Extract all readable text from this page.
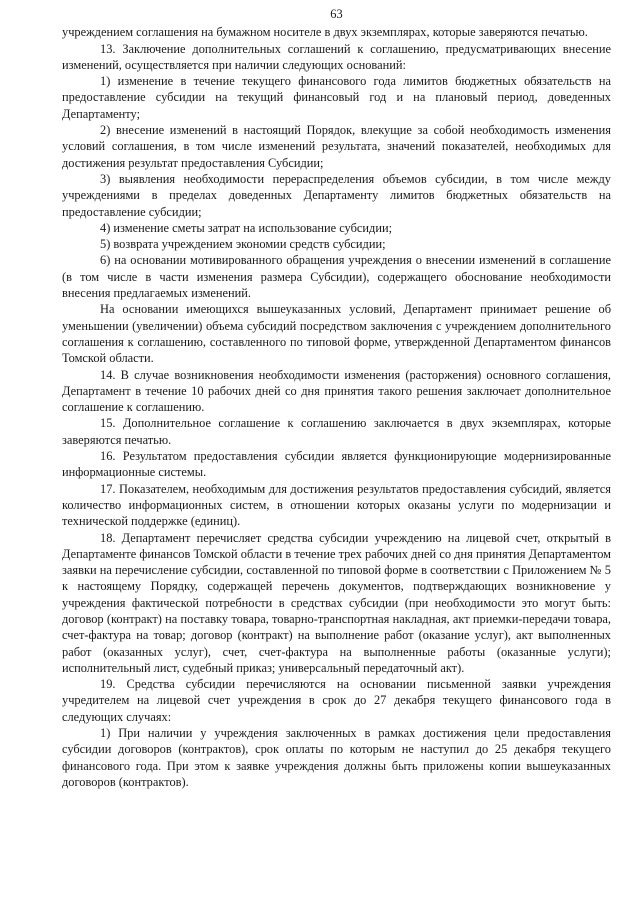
63

учреждением соглашения на бумажном носителе в двух экземплярах, которые заверяются печатью.

13. Заключение дополнительных соглашений к соглашению, предусматривающих внесение изменений, осуществляется при наличии следующих оснований:

1) изменение в течение текущего финансового года лимитов бюджетных обязательств на предоставление субсидии на текущий финансовый год и на плановый период, доведенных Департаменту;

2) внесение изменений в настоящий Порядок, влекущие за собой необходимость изменения условий соглашения, в том числе изменений результата, значений показателей, необходимых для достижения результат предоставления Субсидии;

3) выявления необходимости перераспределения объемов субсидии, в том числе между учреждениями в пределах доведенных Департаменту лимитов бюджетных обязательств на предоставление субсидии;

4) изменение сметы затрат на использование субсидии;

5) возврата учреждением экономии средств субсидии;

6) на основании мотивированного обращения учреждения о внесении изменений в соглашение (в том числе в части изменения размера Субсидии), содержащего обоснование необходимости внесения предлагаемых изменений.

На основании имеющихся вышеуказанных условий, Департамент принимает решение об уменьшении (увеличении) объема субсидий посредством заключения с учреждением дополнительного соглашения к соглашению, составленного по типовой форме, утвержденной Департаментом финансов Томской области.

14. В случае возникновения необходимости изменения (расторжения) основного соглашения, Департамент в течение 10 рабочих дней со дня принятия такого решения заключает дополнительное соглашение к соглашению.

15. Дополнительное соглашение к соглашению заключается в двух экземплярах, которые заверяются печатью.

16. Результатом предоставления субсидии является функционирующие модернизированные информационные системы.

17. Показателем, необходимым для достижения результатов предоставления субсидий, является количество информационных систем, в отношении которых оказаны услуги по модернизации и технической поддержке (единиц).

18. Департамент перечисляет средства субсидии учреждению на лицевой счет, открытый в Департаменте финансов Томской области в течение трех рабочих дней со дня принятия Департаментом заявки на перечисление субсидии, составленной по типовой форме в соответствии с Приложением № 5 к настоящему Порядку, содержащей перечень документов, подтверждающих возникновение у учреждения фактической потребности в средствах субсидии (при необходимости это могут быть: договор (контракт) на поставку товара, товарно-транспортная накладная, акт приемки-передачи товара, счет-фактура на товар; договор (контракт) на выполнение работ (оказание услуг), акт выполненных работ (оказанных услуг), счет, счет-фактура на выполненные работы (оказанные услуги); исполнительный лист, судебный приказ; универсальный передаточный акт).

19. Средства субсидии перечисляются на основании письменной заявки учреждения учредителем на лицевой счет учреждения в срок до 27 декабря текущего финансового года в следующих случаях:

1) При наличии у учреждения заключенных в рамках достижения цели предоставления субсидии договоров (контрактов), срок оплаты по которым не наступил до 25 декабря текущего финансового года. При этом к заявке учреждения должны быть приложены копии вышеуказанных договоров (контрактов).
